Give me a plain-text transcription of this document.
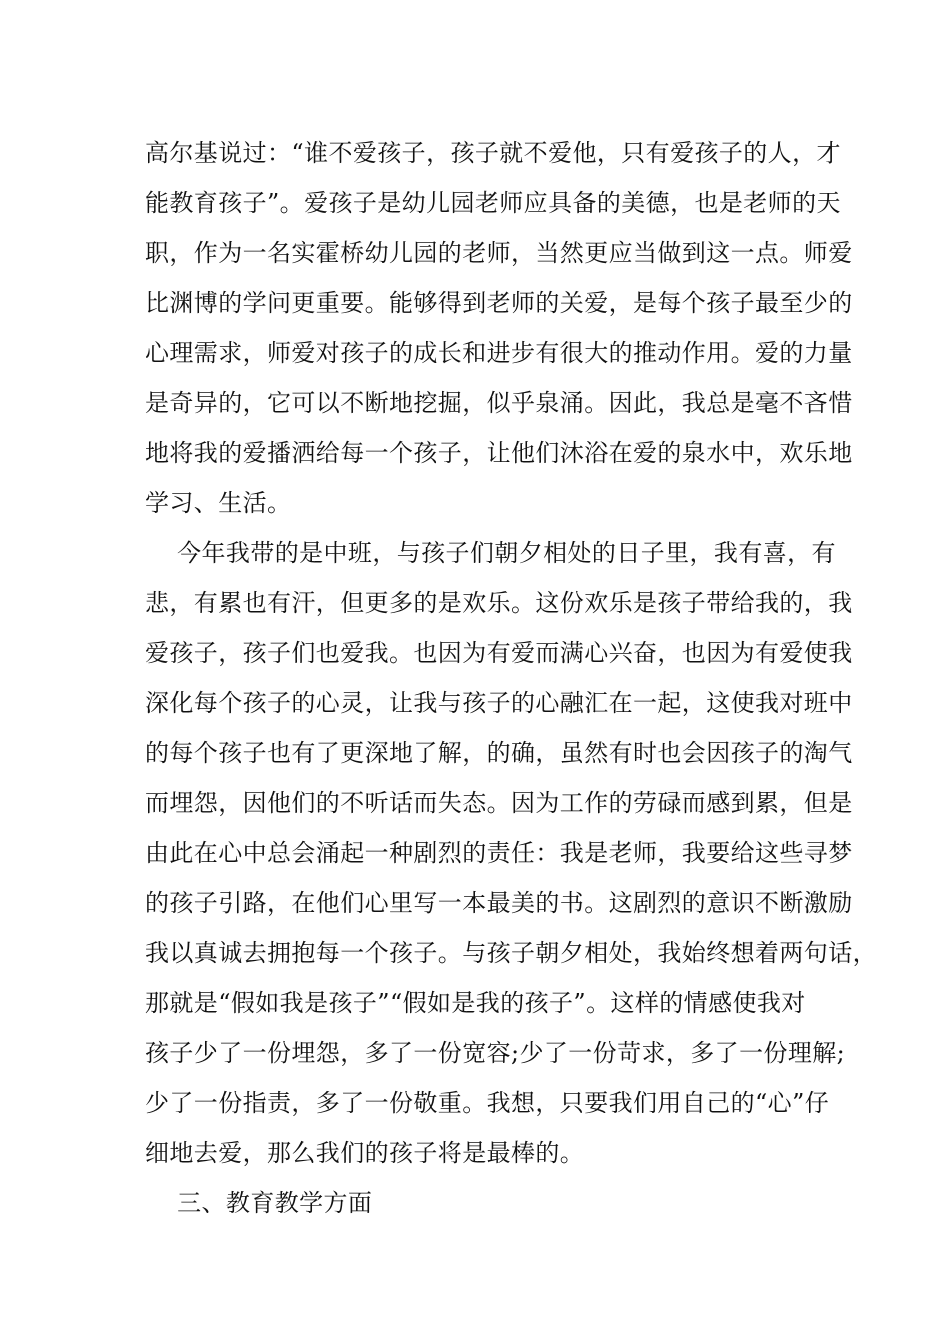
高尔基说过：“谁不爱孩子，孩子就不爱他，只有爱孩子的人，才
能教育孩子”。爱孩子是幼儿园老师应具备的美德，也是老师的天
职，作为一名实霍桥幼儿园的老师，当然更应当做到这一点。师爱
比渊博的学问更重要。能够得到老师的关爱，是每个孩子最至少的
心理需求，师爱对孩子的成长和进步有很大的推动作用。爱的力量
是奇异的，它可以不断地挖掘，似乎泉涌。因此，我总是毫不吝惜
地将我的爱播洒给每一个孩子，让他们沐浴在爱的泉水中，欢乐地
学习、生活。
今年我带的是中班，与孩子们朝夕相处的日子里，我有喜，有
悲，有累也有汗，但更多的是欢乐。这份欢乐是孩子带给我的，我
爱孩子，孩子们也爱我。也因为有爱而满心兴奋，也因为有爱使我
深化每个孩子的心灵，让我与孩子的心融汇在一起，这使我对班中
的每个孩子也有了更深地了解，的确，虽然有时也会因孩子的淘气
而埋怨，因他们的不听话而失态。因为工作的劳碌而感到累，但是
由此在心中总会涌起一种剧烈的责任：我是老师，我要给这些寻梦
的孩子引路，在他们心里写一本最美的书。这剧烈的意识不断激励
我以真诚去拥抱每一个孩子。与孩子朝夕相处，我始终想着两句话，
那就是“假如我是孩子”“假如是我的孩子”。这样的情感使我对
孩子少了一份埋怨，多了一份宽容;少了一份苛求，多了一份理解;
少了一份指责，多了一份敬重。我想，只要我们用自己的“心”仔
细地去爱，那么我们的孩子将是最棒的。
三、教育教学方面
